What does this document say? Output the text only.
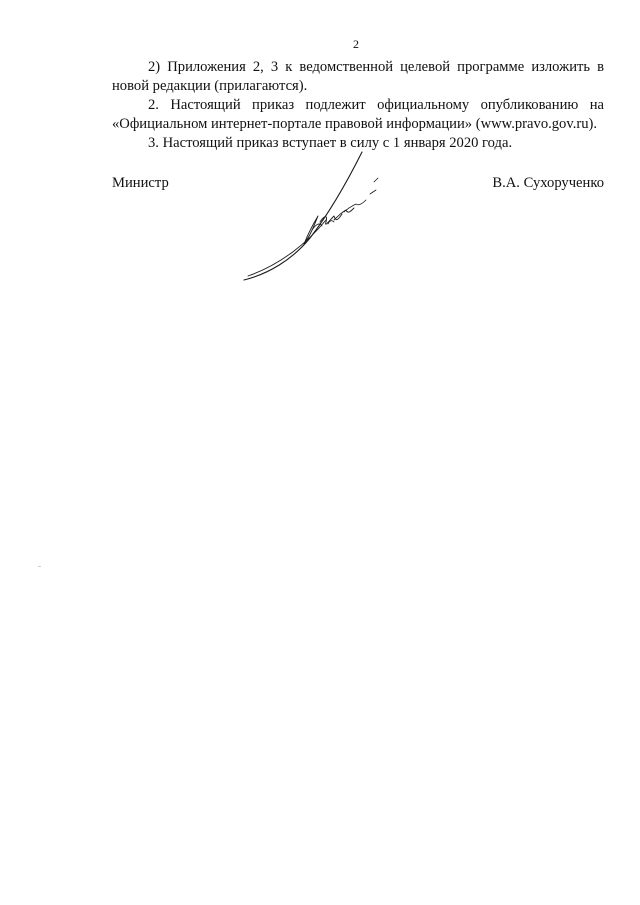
2

2) Приложения 2, 3 к ведомственной целевой программе изложить в новой редакции (прилагаются).

2. Настоящий приказ подлежит официальному опубликованию на «Официальном интернет-портале правовой информации» (www.pravo.gov.ru).

3. Настоящий приказ вступает в силу с 1 января 2020 года.

Министр	В.А. Сухорученко
